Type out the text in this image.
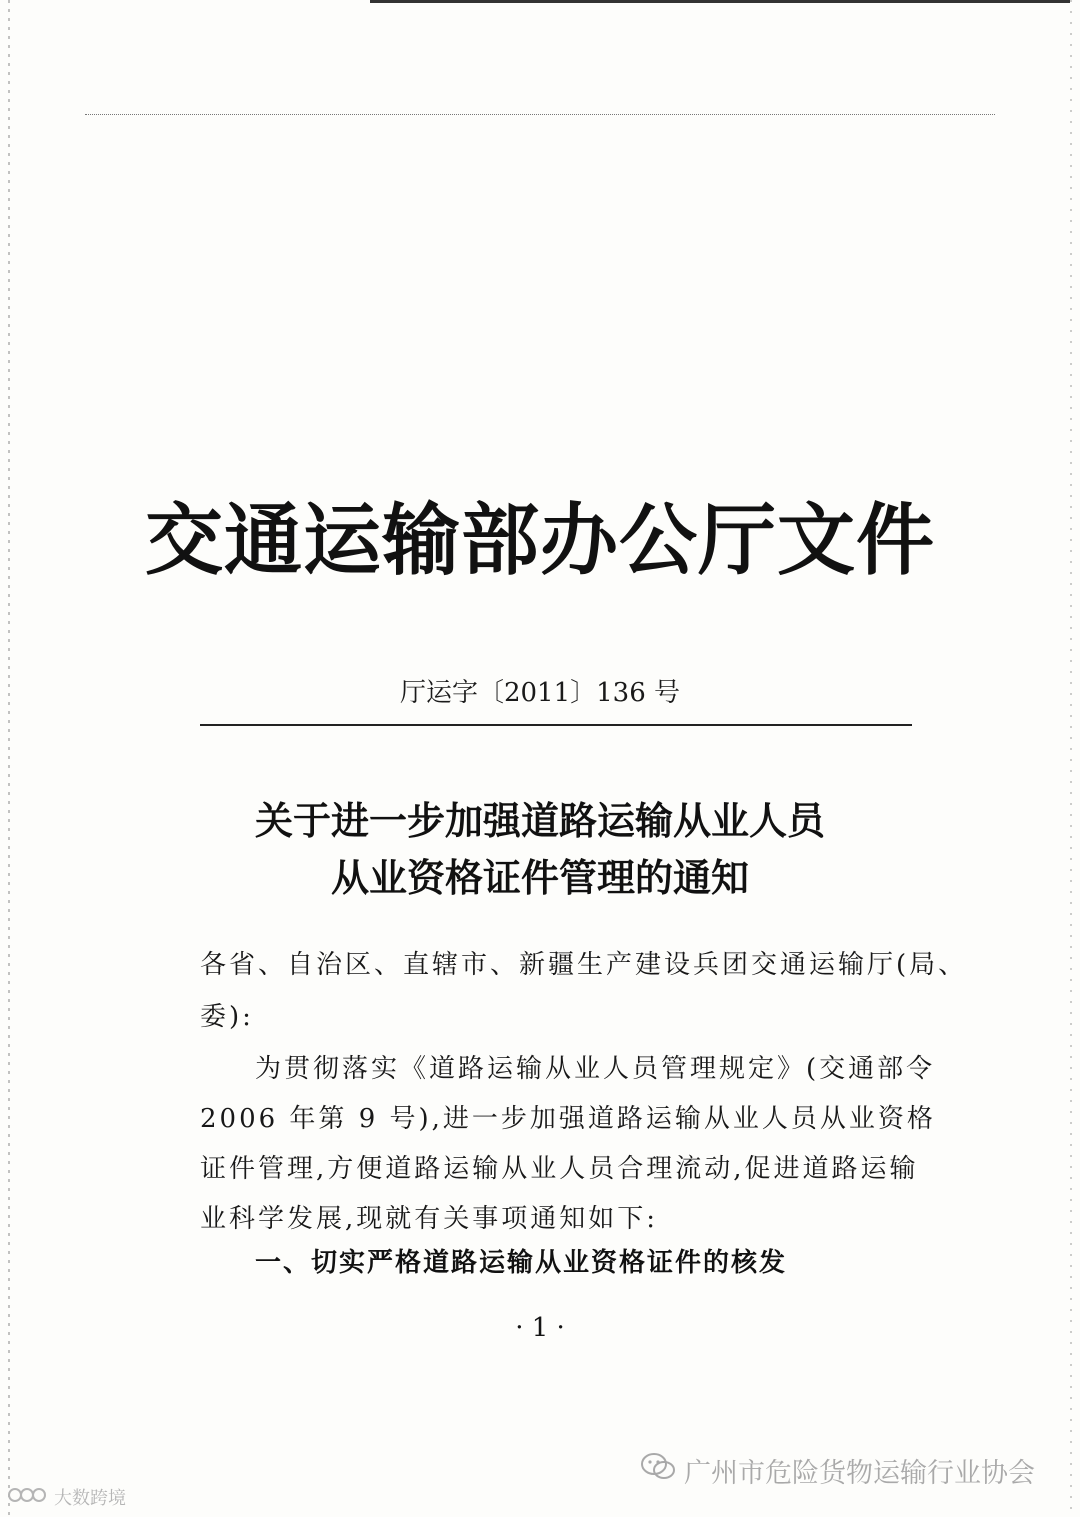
交通运输部办公厅文件
厅运字〔2011〕136 号
关于进一步加强道路运输从业人员
从业资格证件管理的通知
各省、自治区、直辖市、新疆生产建设兵团交通运输厅(局、
委):
为贯彻落实《道路运输从业人员管理规定》(交通部令
2006 年第 9 号),进一步加强道路运输从业人员从业资格
证件管理,方便道路运输从业人员合理流动,促进道路运输
业科学发展,现就有关事项通知如下:
一、切实严格道路运输从业资格证件的核发
· 1 ·
广州市危险货物运输行业协会
大数跨境
